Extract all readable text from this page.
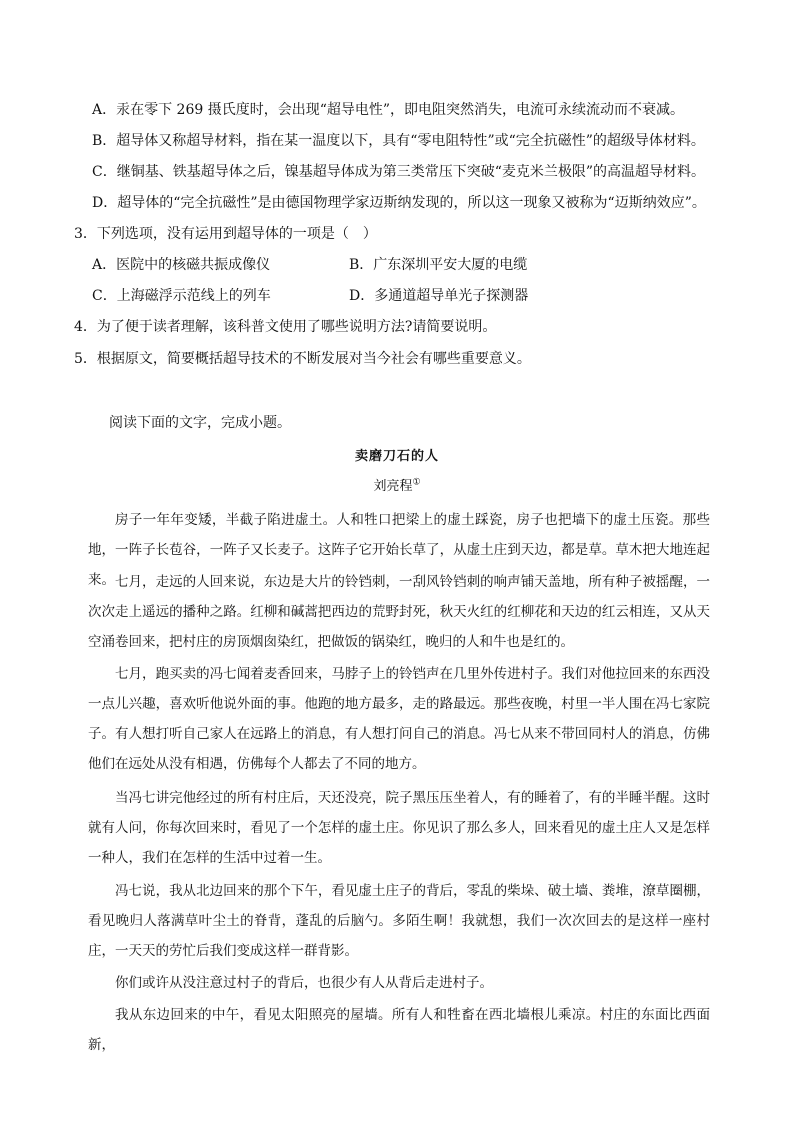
A．汞在零下 269 摄氏度时，会出现“超导电性”，即电阻突然消失，电流可永续流动而不衰减。
B．超导体又称超导材料，指在某一温度以下，具有“零电阻特性”或“完全抗磁性”的超级导体材料。
C．继铜基、铁基超导体之后，镍基超导体成为第三类常压下突破“麦克米兰极限”的高温超导材料。
D．超导体的“完全抗磁性”是由德国物理学家迈斯纳发现的，所以这一现象又被称为“迈斯纳效应”。
3．下列选项，没有运用到超导体的一项是（　）
A．医院中的核磁共振成像仪	B．广东深圳平安大厦的电缆
C．上海磁浮示范线上的列车	D．多通道超导单光子探测器
4．为了便于读者理解，该科普文使用了哪些说明方法?请简要说明。
5．根据原文，简要概括超导技术的不断发展对当今社会有哪些重要意义。
阅读下面的文字，完成小题。
卖磨刀石的人
刘亮程①
房子一年年变矮，半截子陷进虚土。人和牲口把梁上的虚土踩瓷，房子也把墙下的虚土压瓷。那些地，一阵子长苞谷，一阵子又长麦子。这阵子它开始长草了，从虚土庄到天边，都是草。草木把大地连起来。 七月，走远的人回来说，东边是大片的铃铛刺，一刮风铃铛刺的响声铺天盖地，所有种子被摇醒，一次次走上遥远的播种之路。红柳和碱蒿把西边的荒野封死，秋天火红的红柳花和天边的红云相连，又从天空涌卷回来，把村庄的房顶烟囱染红，把做饭的锅染红，晚归的人和牛也是红的。
七月，跑买卖的冯七闻着麦香回来，马脖子上的铃铛声在几里外传进村子。我们对他拉回来的东西没一点儿兴趣，喜欢听他说外面的事。他跑的地方最多，走的路最远。那些夜晚，村里一半人围在冯七家院子。有人想打听自己家人在远路上的消息，有人想打问自己的消息。冯七从来不带回同村人的消息，仿佛他们在远处从没有相遇，仿佛每个人都去了不同的地方。
当冯七讲完他经过的所有村庄后，天还没亮，院子黑压压坐着人，有的睡着了，有的半睡半醒。这时就有人问，你每次回来时，看见了一个怎样的虚土庄。你见识了那么多人，回来看见的虚土庄人又是怎样一种人，我们在怎样的生活中过着一生。
冯七说，我从北边回来的那个下午，看见虚土庄子的背后，零乱的柴垛、破土墙、粪堆，潦草圈棚，看见晚归人落满草叶尘土的脊背，蓬乱的后脑勺。多陌生啊！我就想，我们一次次回去的是这样一座村庄，一天天的劳忙后我们变成这样一群背影。
你们或许从没注意过村子的背后，也很少有人从背后走进村子。
我从东边回来的中午，看见太阳照亮的屋墙。所有人和牲畜在西北墙根儿乘凉。村庄的东面比西面新，
